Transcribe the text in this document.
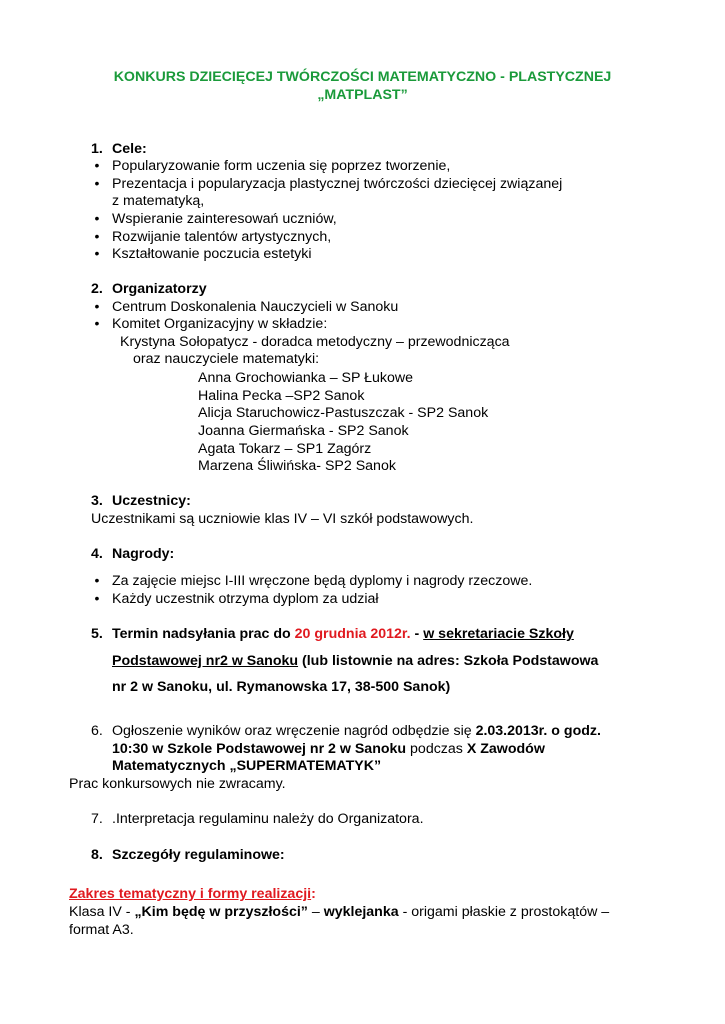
KONKURS DZIECIĘCEJ TWÓRCZOŚCI MATEMATYCZNO - PLASTYCZNEJ
„MATPLAST”
1. Cele:
• Popularyzowanie form uczenia się poprzez tworzenie,
• Prezentacja i popularyzacja plastycznej twórczości dziecięcej związanej
z matematyką,
• Wspieranie zainteresowań uczniów,
• Rozwijanie talentów artystycznych,
• Kształtowanie poczucia estetyki
2. Organizatorzy
• Centrum Doskonalenia Nauczycieli w Sanoku
• Komitet Organizacyjny w składzie:
Krystyna Sołopatycz - doradca metodyczny – przewodnicząca
oraz nauczyciele matematyki:
Anna Grochowianka – SP Łukowe
Halina Pecka –SP2 Sanok
Alicja Staruchowicz-Pastuszczak - SP2 Sanok
Joanna Giermańska - SP2 Sanok
Agata Tokarz – SP1 Zagórz
Marzena Śliwińska- SP2 Sanok
3. Uczestnicy:
Uczestnikami są uczniowie klas IV – VI szkół podstawowych.
4. Nagrody:
• Za zajęcie miejsc I-III wręczone będą dyplomy i nagrody rzeczowe.
• Każdy uczestnik otrzyma dyplom za udział
5. Termin nadsyłania prac do 20 grudnia 2012r. - w sekretariacie Szkoły
Podstawowej nr2 w Sanoku (lub listownie na adres: Szkoła Podstawowa
nr 2 w Sanoku, ul. Rymanowska 17, 38-500 Sanok)
6. Ogłoszenie wyników oraz wręczenie nagród odbędzie się 2.03.2013r. o godz.
10:30 w Szkole Podstawowej nr 2 w Sanoku podczas X Zawodów
Matematycznych „SUPERMATEMATYK”
Prac konkursowych nie zwracamy.
7. .Interpretacja regulaminu należy do Organizatora.
8. Szczegóły regulaminowe:
Zakres tematyczny i formy realizacji:
Klasa IV - „Kim będę w przyszłości” – wyklejanka - origami płaskie z prostokątów –
format A3.
